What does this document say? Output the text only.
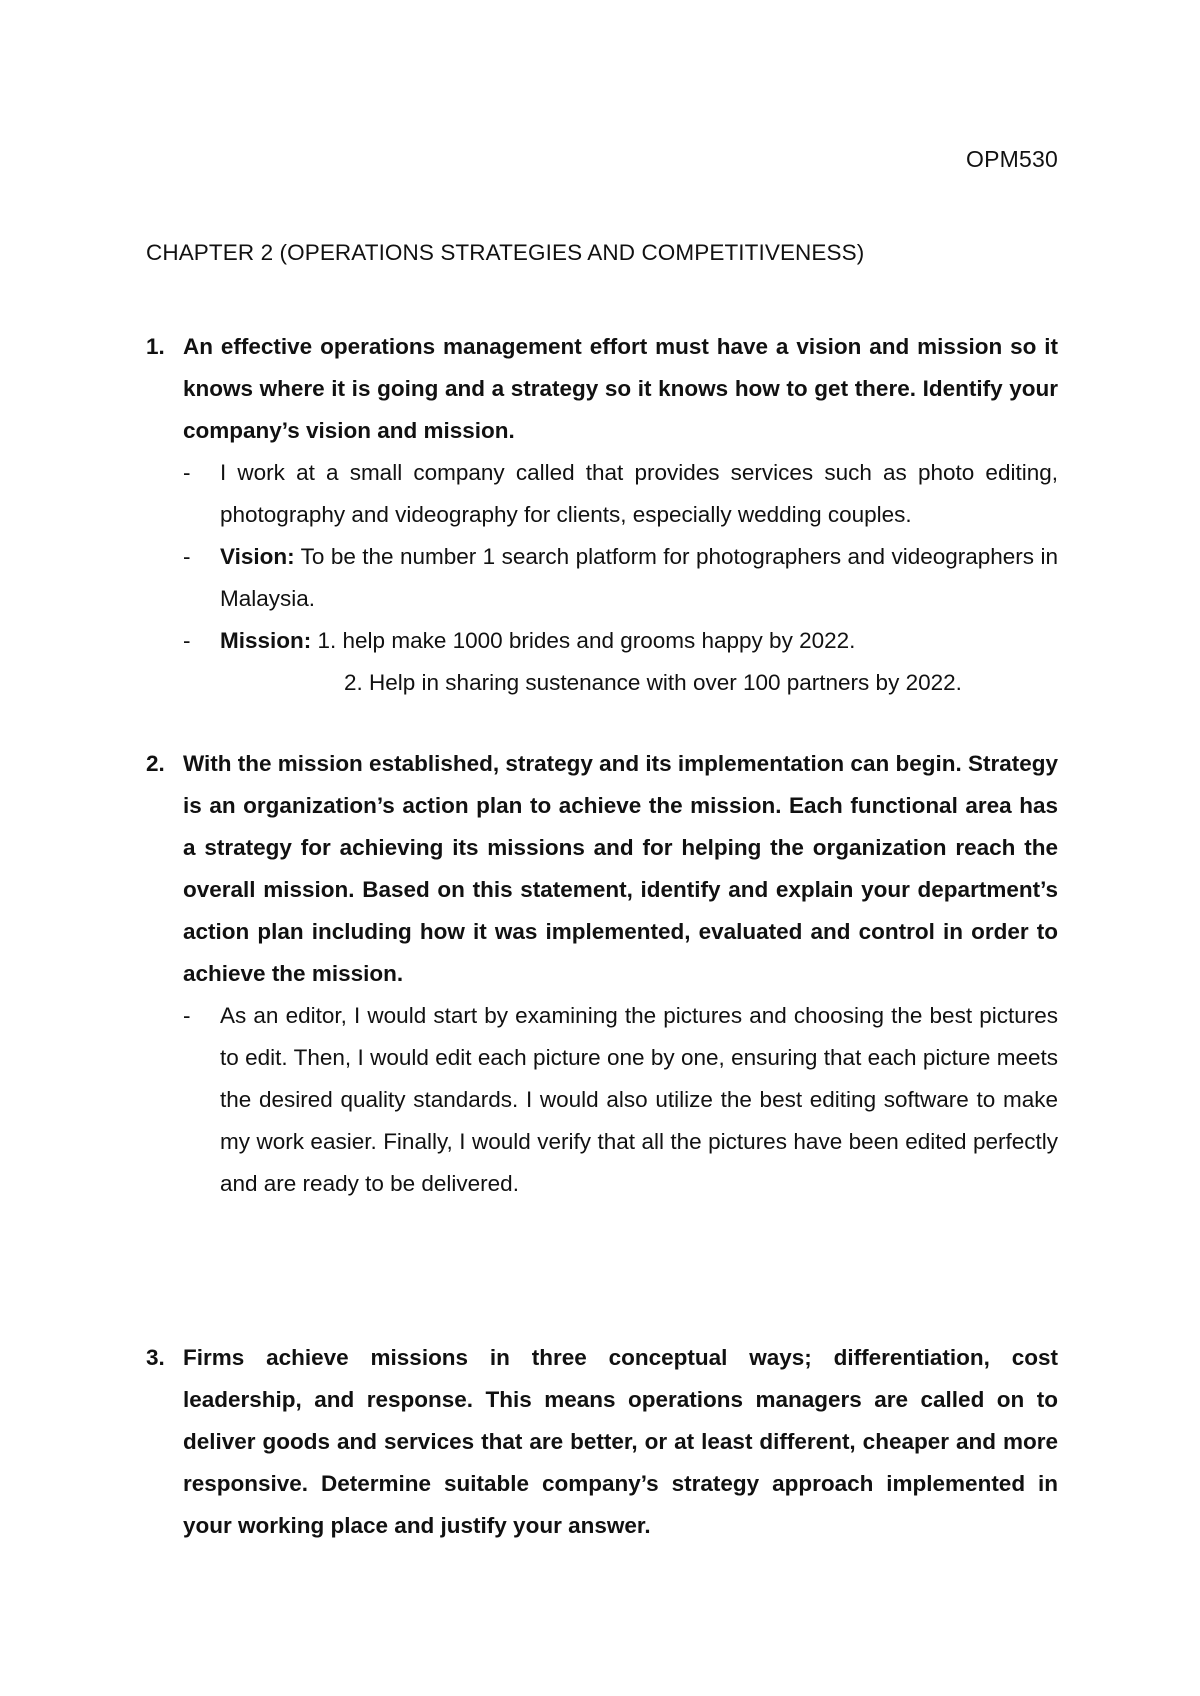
OPM530
CHAPTER 2 (OPERATIONS STRATEGIES AND COMPETITIVENESS)
1. An effective operations management effort must have a vision and mission so it knows where it is going and a strategy so it knows how to get there. Identify your company’s vision and mission.
- I work at a small company called that provides services such as photo editing, photography and videography for clients, especially wedding couples.
- Vision: To be the number 1 search platform for photographers and videographers in Malaysia.
- Mission: 1. help make 1000 brides and grooms happy by 2022.
2. Help in sharing sustenance with over 100 partners by 2022.
2. With the mission established, strategy and its implementation can begin. Strategy is an organization’s action plan to achieve the mission. Each functional area has a strategy for achieving its missions and for helping the organization reach the overall mission. Based on this statement, identify and explain your department’s action plan including how it was implemented, evaluated and control in order to achieve the mission.
- As an editor, I would start by examining the pictures and choosing the best pictures to edit. Then, I would edit each picture one by one, ensuring that each picture meets the desired quality standards. I would also utilize the best editing software to make my work easier. Finally, I would verify that all the pictures have been edited perfectly and are ready to be delivered.
3. Firms achieve missions in three conceptual ways; differentiation, cost leadership, and response. This means operations managers are called on to deliver goods and services that are better, or at least different, cheaper and more responsive. Determine suitable company’s strategy approach implemented in your working place and justify your answer.
